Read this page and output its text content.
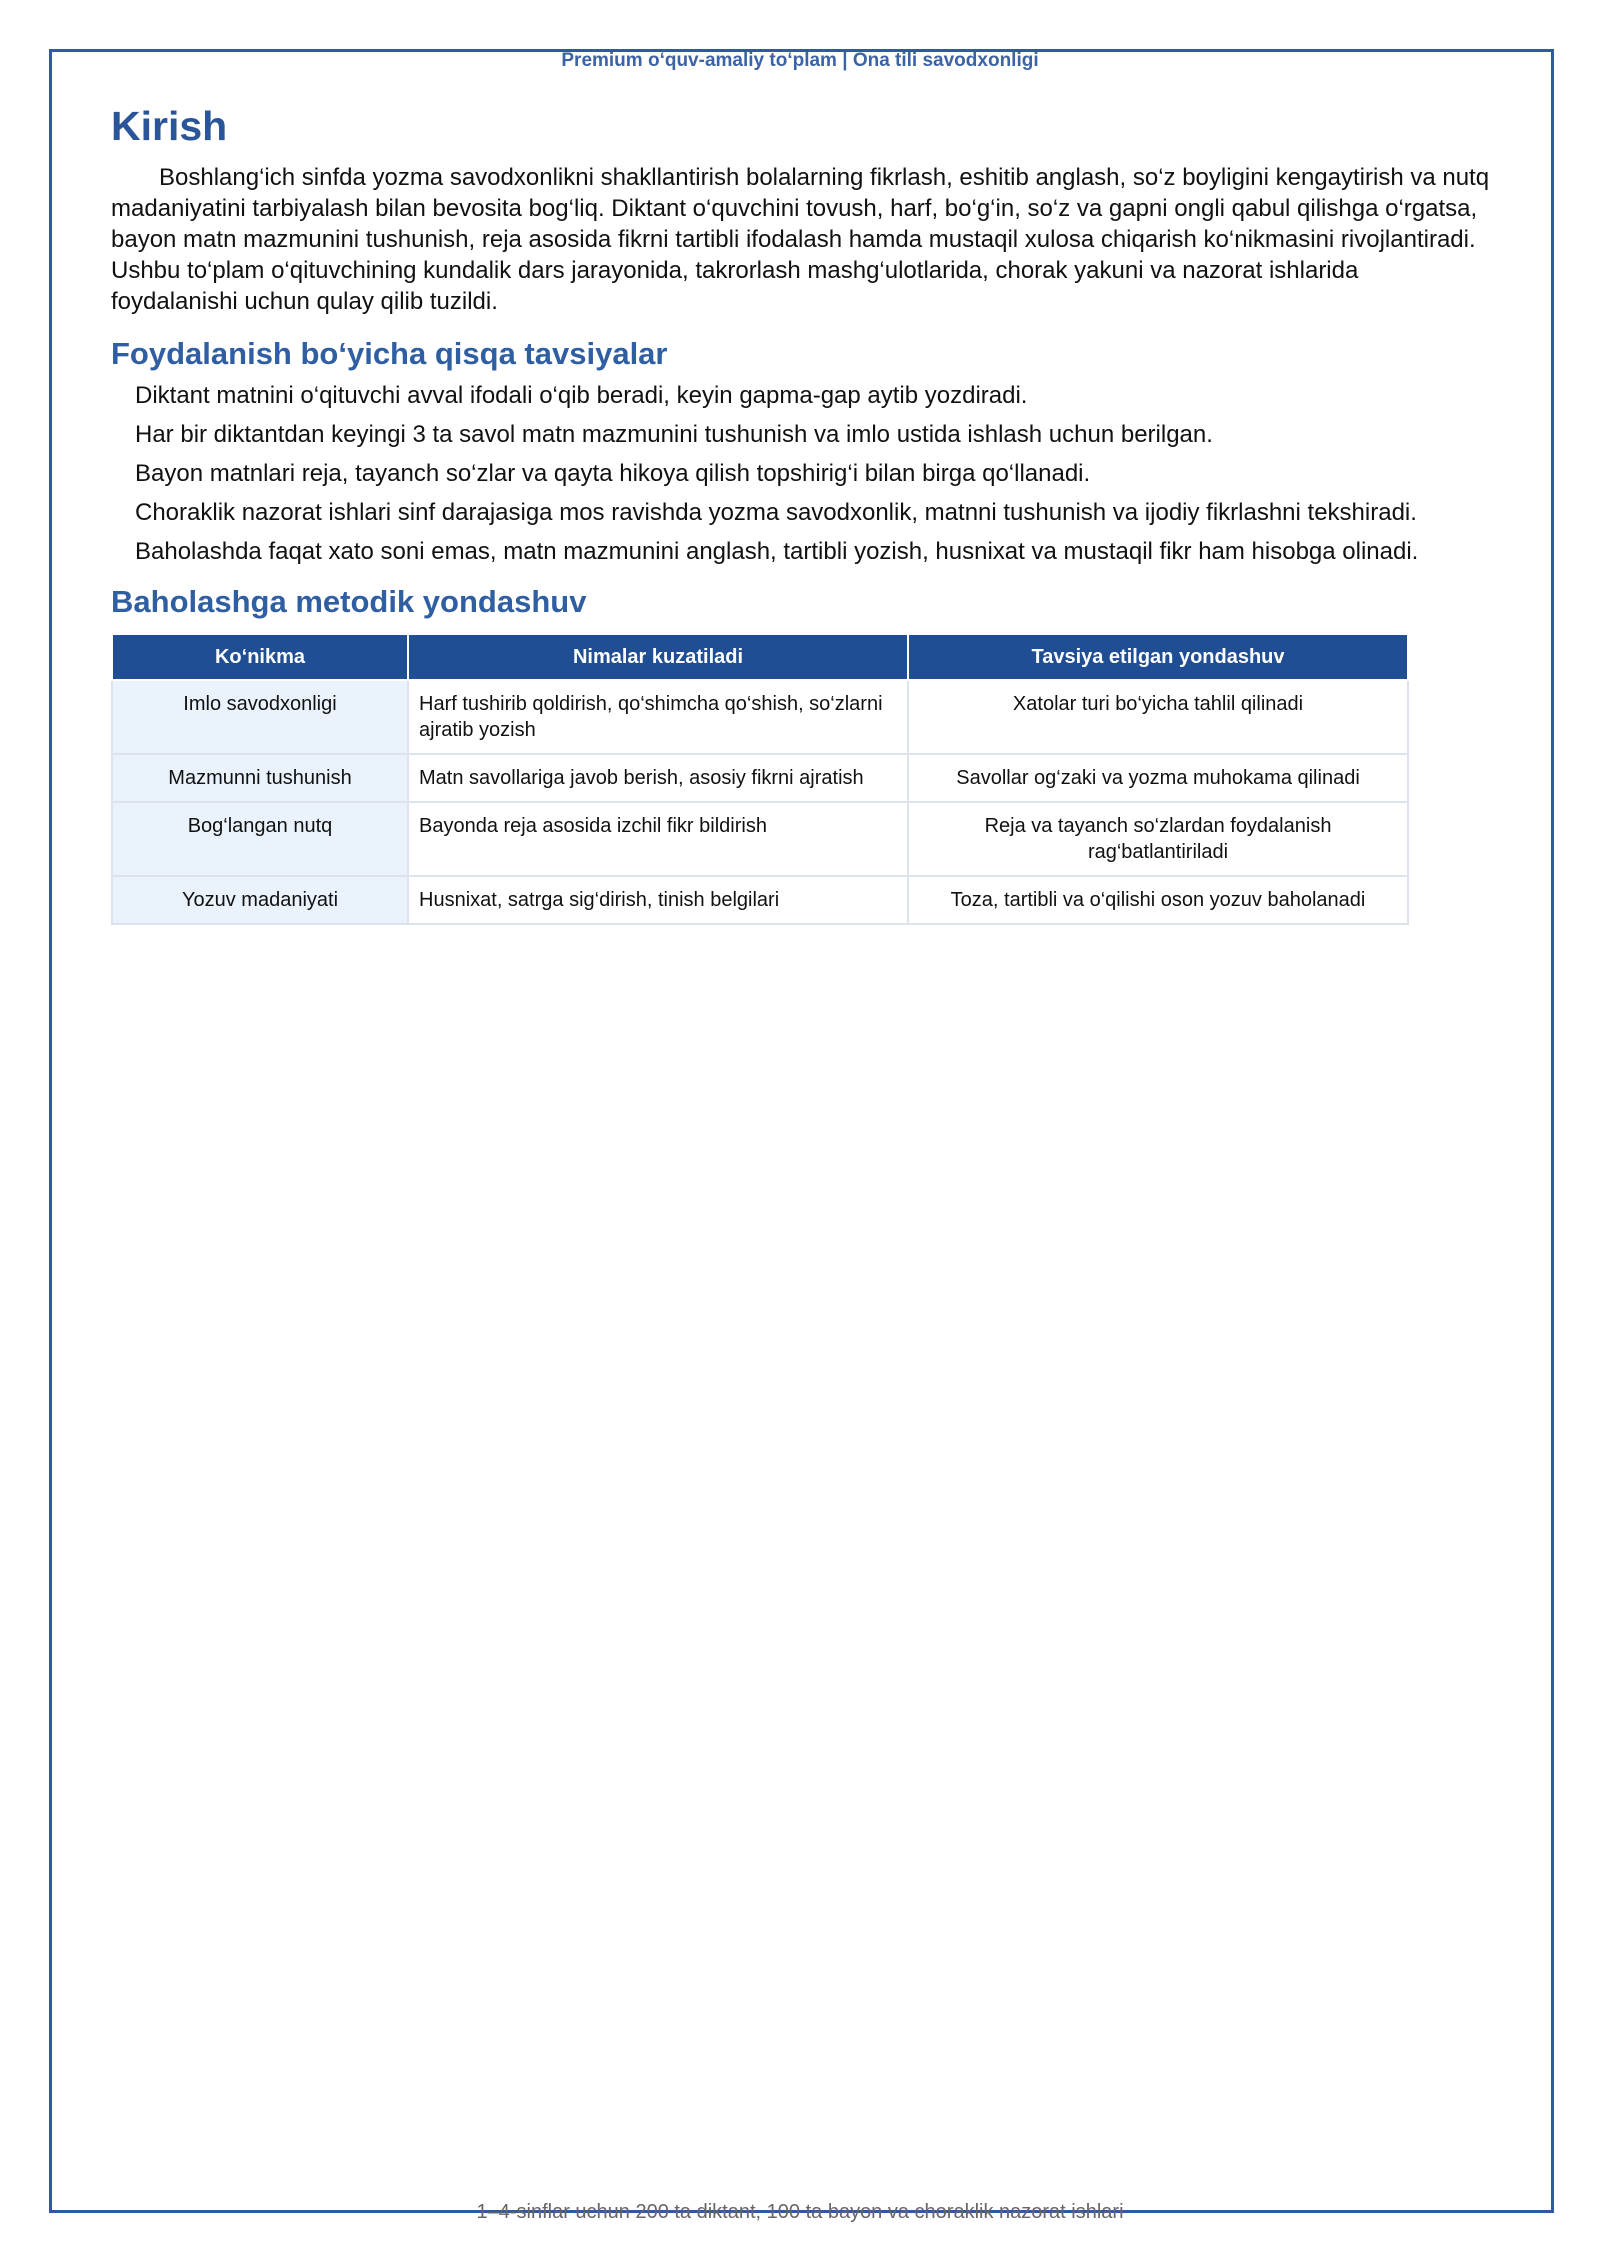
Premium o‘quv-amaliy to‘plam | Ona tili savodxonligi
Kirish

Boshlang‘ich sinfda yozma savodxonlikni shakllantirish bolalarning fikrlash, eshitib anglash, so‘z boyligini kengaytirish va nutq madaniyatini tarbiyalash bilan bevosita bog‘liq. Diktant o‘quvchini tovush, harf, bo‘g‘in, so‘z va gapni ongli qabul qilishga o‘rgatsa, bayon matn mazmunini tushunish, reja asosida fikrni tartibli ifodalash hamda mustaqil xulosa chiqarish ko‘nikmasini rivojlantiradi. Ushbu to‘plam o‘qituvchining kundalik dars jarayonida, takrorlash mashg‘ulotlarida, chorak yakuni va nazorat ishlarida foydalanishi uchun qulay qilib tuzildi.

Foydalanish bo‘yicha qisqa tavsiyalar
Diktant matnini o‘qituvchi avval ifodali o‘qib beradi, keyin gapma-gap aytib yozdiradi.
Har bir diktantdan keyingi 3 ta savol matn mazmunini tushunish va imlo ustida ishlash uchun berilgan.
Bayon matnlari reja, tayanch so‘zlar va qayta hikoya qilish topshirig‘i bilan birga qo‘llanadi.
Choraklik nazorat ishlari sinf darajasiga mos ravishda yozma savodxonlik, matnni tushunish va ijodiy fikrlashni tekshiradi.
Baholashda faqat xato soni emas, matn mazmunini anglash, tartibli yozish, husnixat va mustaqil fikr ham hisobga olinadi.
Baholashga metodik yondashuv
Ko‘nikma	Nimalar kuzatiladi	Tavsiya etilgan yondashuv
Imlo savodxonligi	Harf tushirib qoldirish, qo‘shimcha qo‘shish, so‘zlarni ajratib yozish	Xatolar turi bo‘yicha tahlil qilinadi
Mazmunni tushunish	Matn savollariga javob berish, asosiy fikrni ajratish	Savollar og‘zaki va yozma muhokama qilinadi
Bog‘langan nutq	Bayonda reja asosida izchil fikr bildirish	Reja va tayanch so‘zlardan foydalanish rag‘batlantiriladi
Yozuv madaniyati	Husnixat, satrga sig‘dirish, tinish belgilari	Toza, tartibli va o‘qilishi oson yozuv baholanadi
1–4-sinflar uchun 200 ta diktant, 100 ta bayon va choraklik nazorat ishlari
